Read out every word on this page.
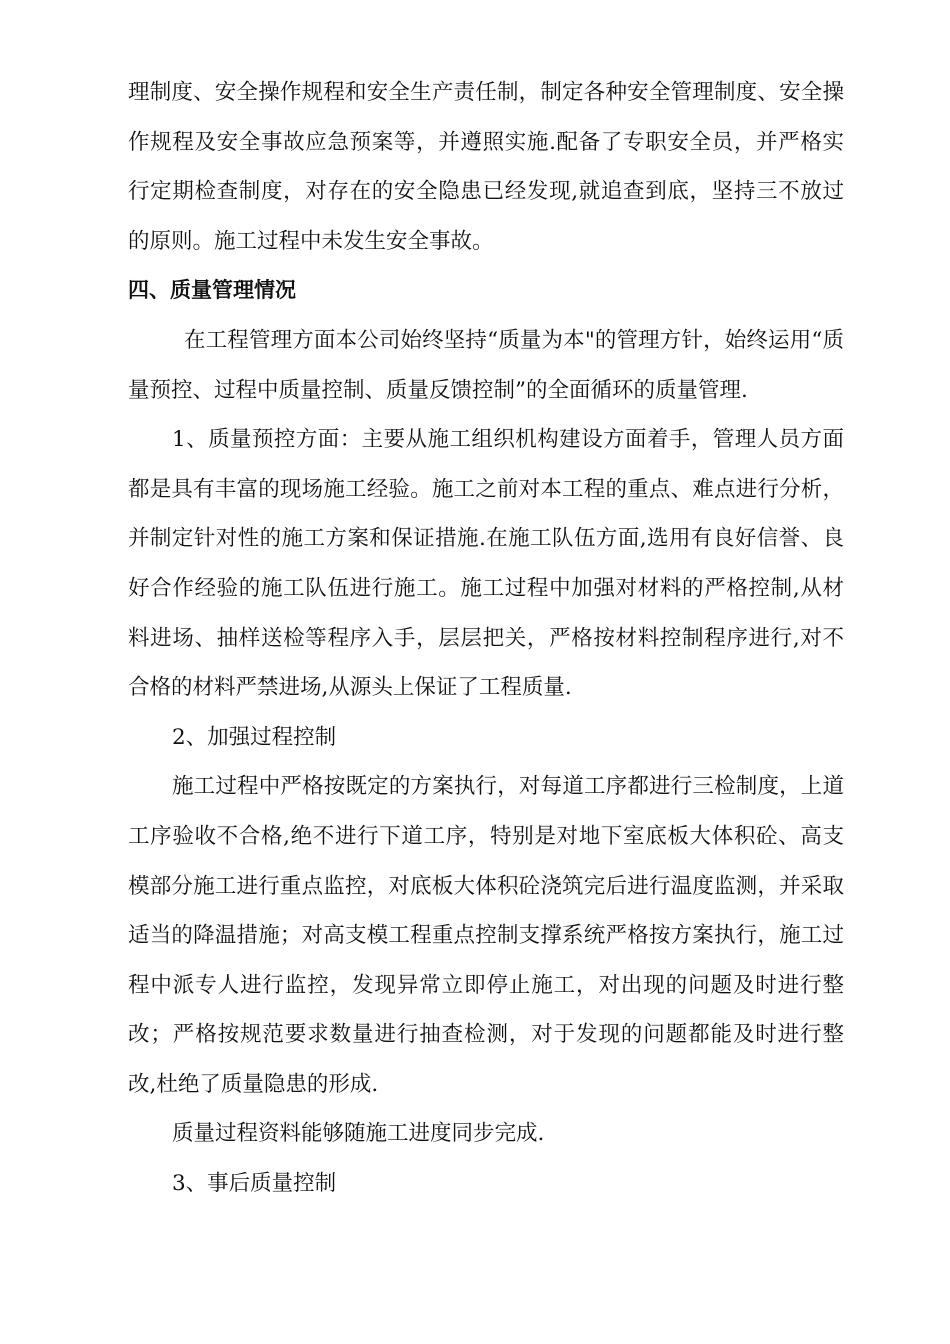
理制度、安全操作规程和安全生产责任制，制定各种安全管理制度、安全操作规程及安全事故应急预案等，并遵照实施.配备了专职安全员，并严格实行定期检查制度，对存在的安全隐患已经发现,就追查到底，坚持三不放过的原则。施工过程中未发生安全事故。

四、质量管理情况

在工程管理方面本公司始终坚持“质量为本"的管理方针，始终运用“质量预控、过程中质量控制、质量反馈控制”的全面循环的质量管理.

1、质量预控方面：主要从施工组织机构建设方面着手，管理人员方面都是具有丰富的现场施工经验。施工之前对本工程的重点、难点进行分析，并制定针对性的施工方案和保证措施.在施工队伍方面,选用有良好信誉、良好合作经验的施工队伍进行施工。施工过程中加强对材料的严格控制,从材料进场、抽样送检等程序入手，层层把关，严格按材料控制程序进行,对不合格的材料严禁进场,从源头上保证了工程质量.

2、加强过程控制

施工过程中严格按既定的方案执行，对每道工序都进行三检制度，上道工序验收不合格,绝不进行下道工序，特别是对地下室底板大体积砼、高支模部分施工进行重点监控，对底板大体积砼浇筑完后进行温度监测，并采取适当的降温措施；对高支模工程重点控制支撑系统严格按方案执行，施工过程中派专人进行监控，发现异常立即停止施工，对出现的问题及时进行整改；严格按规范要求数量进行抽查检测，对于发现的问题都能及时进行整改,杜绝了质量隐患的形成.

质量过程资料能够随施工进度同步完成.

3、事后质量控制
